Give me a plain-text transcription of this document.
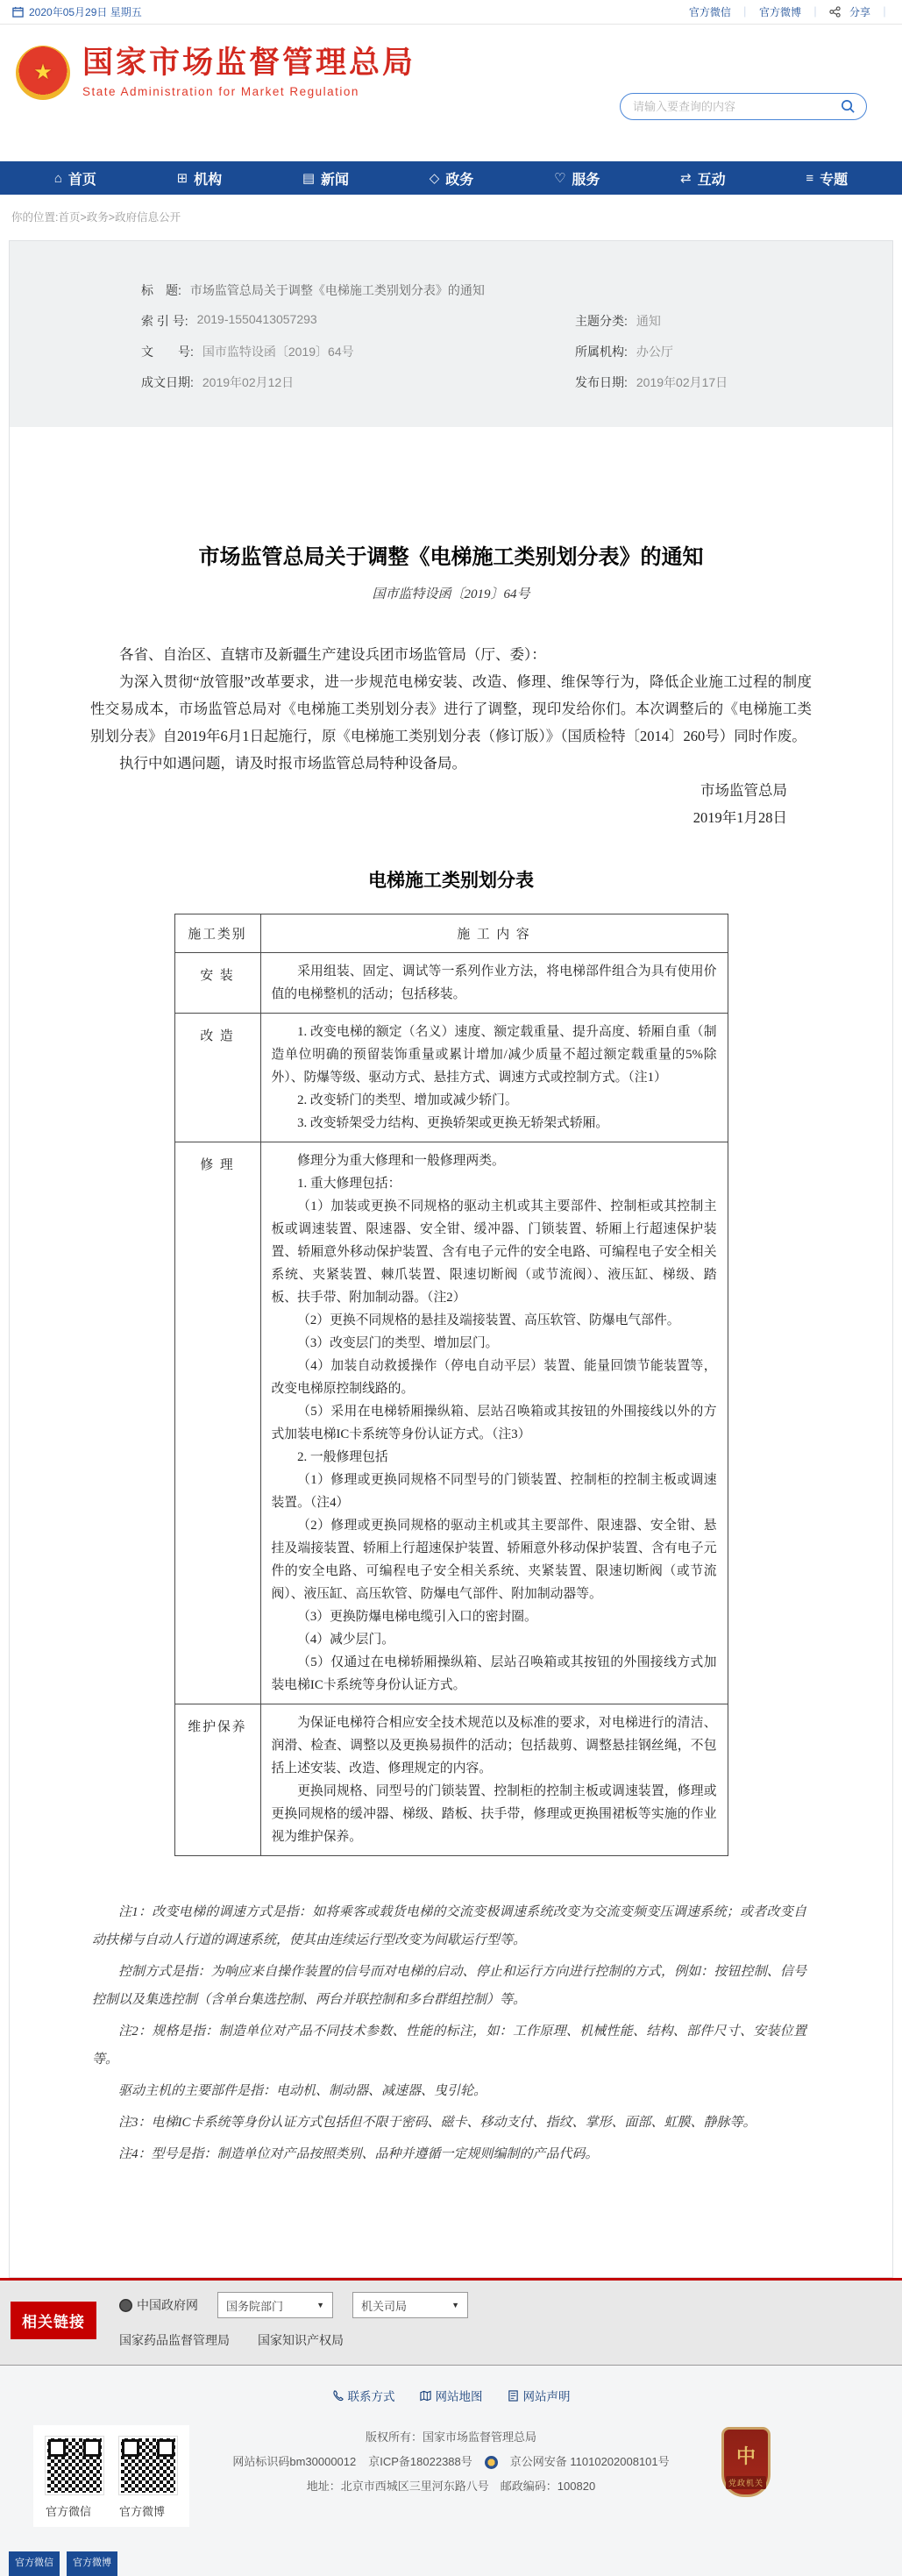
2020年05月29日 星期五	官方微信 ｜ 官方微博 ｜	分享 ｜
★
国家市场监督管理总局
State Administration for Market Regulation
请输入要查询的内容
⌂ 首页	⊞ 机构	▤ 新闻	◇ 政务	♡ 服务	⇄ 互动	≡ 专题
你的位置:首页>政务>政府信息公开
标　题: 市场监管总局关于调整《电梯施工类别划分表》的通知
索 引 号: 2019-1550413057293	主题分类: 通知
文　　号: 国市监特设函〔2019〕64号	所属机构: 办公厅
成文日期: 2019年02月12日	发布日期: 2019年02月17日
市场监管总局关于调整《电梯施工类别划分表》的通知
国市监特设函〔2019〕64号

各省、自治区、直辖市及新疆生产建设兵团市场监管局（厅、委）：

为深入贯彻“放管服”改革要求，进一步规范电梯安装、改造、修理、维保等行为，降低企业施工过程的制度性交易成本，市场监管总局对《电梯施工类别划分表》进行了调整，现印发给你们。本次调整后的《电梯施工类别划分表》自2019年6月1日起施行，原《电梯施工类别划分表（修订版）》（国质检特〔2014〕260号）同时作废。

执行中如遇问题，请及时报市场监管总局特种设备局。

市场监管总局
2019年1月28日
电梯施工类别划分表
施工类别	施 工 内 容
安 装	采用组装、固定、调试等一系列作业方法，将电梯部件组合为具有使用价值的电梯整机的活动；包括移装。

改 造	1. 改变电梯的额定（名义）速度、额定载重量、提升高度、轿厢自重（制造单位明确的预留装饰重量或累计增加/减少质量不超过额定载重量的5%除外）、防爆等级、驱动方式、悬挂方式、调速方式或控制方式。（注1）

2. 改变轿门的类型、增加或减少轿门。

3. 改变轿架受力结构、更换轿架或更换无轿架式轿厢。

修 理	修理分为重大修理和一般修理两类。

1. 重大修理包括：

（1）加装或更换不同规格的驱动主机或其主要部件、控制柜或其控制主板或调速装置、限速器、安全钳、缓冲器、门锁装置、轿厢上行超速保护装置、轿厢意外移动保护装置、含有电子元件的安全电路、可编程电子安全相关系统、夹紧装置、棘爪装置、限速切断阀（或节流阀）、液压缸、梯级、踏板、扶手带、附加制动器。（注2）

（2）更换不同规格的悬挂及端接装置、高压软管、防爆电气部件。

（3）改变层门的类型、增加层门。

（4）加装自动救援操作（停电自动平层）装置、能量回馈节能装置等，改变电梯原控制线路的。

（5）采用在电梯轿厢操纵箱、层站召唤箱或其按钮的外围接线以外的方式加装电梯IC卡系统等身份认证方式。（注3）

2. 一般修理包括

（1）修理或更换同规格不同型号的门锁装置、控制柜的控制主板或调速装置。（注4）

（2）修理或更换同规格的驱动主机或其主要部件、限速器、安全钳、悬挂及端接装置、轿厢上行超速保护装置、轿厢意外移动保护装置、含有电子元件的安全电路、可编程电子安全相关系统、夹紧装置、限速切断阀（或节流阀）、液压缸、高压软管、防爆电气部件、附加制动器等。

（3）更换防爆电梯电缆引入口的密封圈。

（4）减少层门。

（5）仅通过在电梯轿厢操纵箱、层站召唤箱或其按钮的外围接线方式加装电梯IC卡系统等身份认证方式。

维护保养	为保证电梯符合相应安全技术规范以及标准的要求，对电梯进行的清洁、润滑、检查、调整以及更换易损件的活动；包括裁剪、调整悬挂钢丝绳，不包括上述安装、改造、修理规定的内容。

更换同规格、同型号的门锁装置、控制柜的控制主板或调速装置，修理或更换同规格的缓冲器、梯级、踏板、扶手带，修理或更换围裙板等实施的作业视为维护保养。

注1：改变电梯的调速方式是指：如将乘客或载货电梯的交流变极调速系统改变为交流变频变压调速系统；或者改变自动扶梯与自动人行道的调速系统，使其由连续运行型改变为间歇运行型等。

控制方式是指：为响应来自操作装置的信号而对电梯的启动、停止和运行方向进行控制的方式，例如：按钮控制、信号控制以及集选控制（含单台集选控制、两台并联控制和多台群组控制）等。

注2：规格是指：制造单位对产品不同技术参数、性能的标注，如：工作原理、机械性能、结构、部件尺寸、安装位置等。

驱动主机的主要部件是指：电动机、制动器、减速器、曳引轮。

注3：电梯IC卡系统等身份认证方式包括但不限于密码、磁卡、移动支付、指纹、掌形、面部、虹膜、静脉等。

注4：型号是指：制造单位对产品按照类别、品种并遵循一定规则编制的产品代码。

相关链接
中国政府网 国务院部门	▼	机关司局	▼
国家药品监督管理局 国家知识产权局
联系方式	网站地图	网站声明
官方微信	官方微博
版权所有：国家市场监督管理总局
网站标识码bm30000012 京ICP备18022388号	京公网安备 11010202008101号
地址：北京市西城区三里河东路八号　邮政编码：100820
中
党政机关
官方微信	官方微博
